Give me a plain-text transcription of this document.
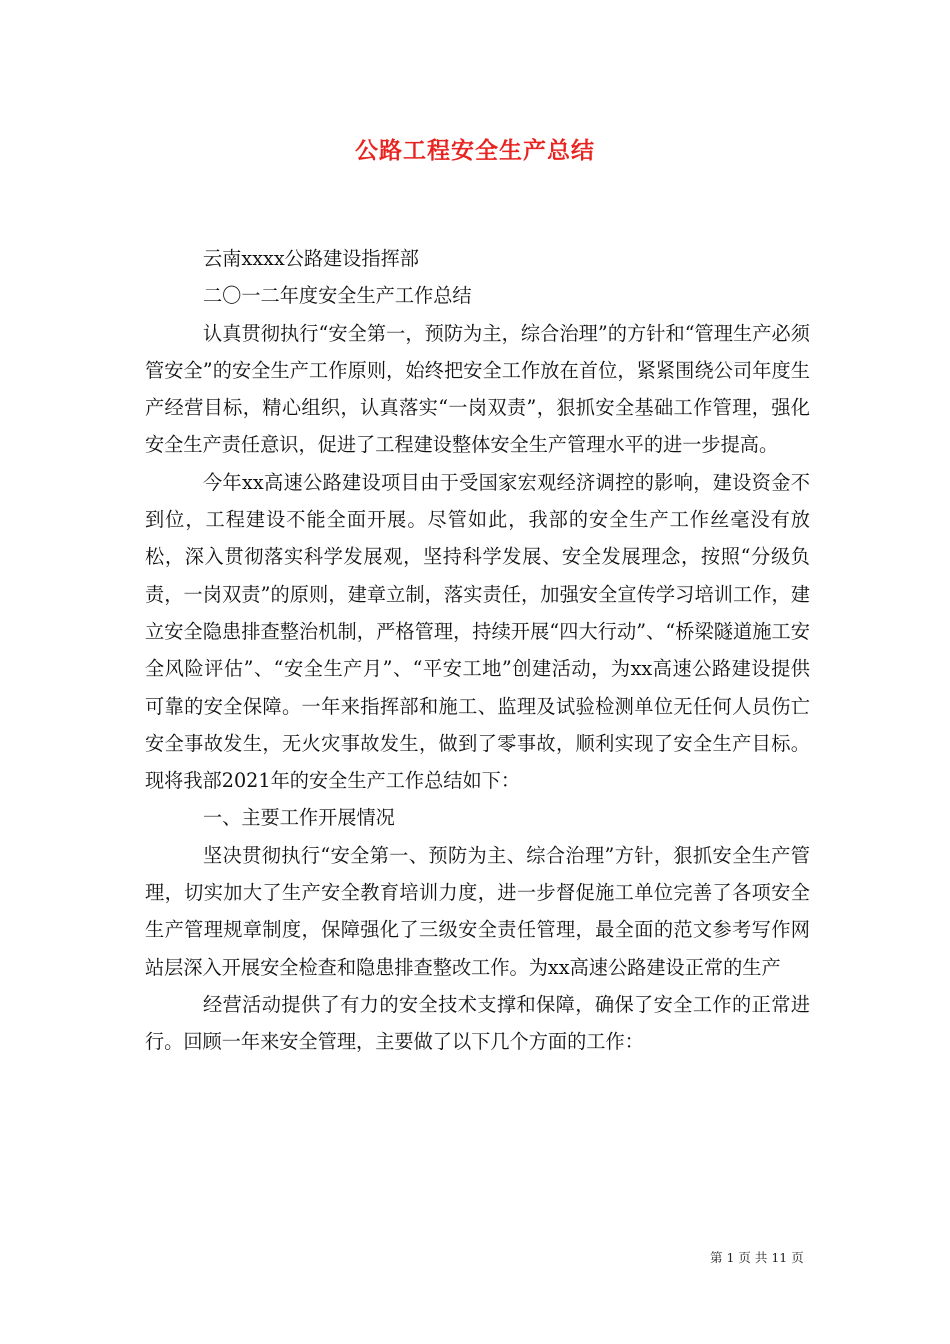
公路工程安全生产总结

云南xxxx公路建设指挥部

二〇一二年度安全生产工作总结

认真贯彻执行“安全第一，预防为主，综合治理”的方针和“管理生产必须管安全”的安全生产工作原则，始终把安全工作放在首位，紧紧围绕公司年度生产经营目标，精心组织，认真落实“一岗双责”，狠抓安全基础工作管理，强化安全生产责任意识，促进了工程建设整体安全生产管理水平的进一步提高。

今年xx高速公路建设项目由于受国家宏观经济调控的影响，建设资金不到位，工程建设不能全面开展。尽管如此，我部的安全生产工作丝毫没有放松，深入贯彻落实科学发展观，坚持科学发展、安全发展理念，按照“分级负责，一岗双责”的原则，建章立制，落实责任，加强安全宣传学习培训工作，建立安全隐患排查整治机制，严格管理，持续开展“四大行动”、“桥梁隧道施工安全风险评估”、“安全生产月”、“平安工地”创建活动，为xx高速公路建设提供可靠的安全保障。一年来指挥部和施工、监理及试验检测单位无任何人员伤亡安全事故发生，无火灾事故发生，做到了零事故，顺利实现了安全生产目标。现将我部2021年的安全生产工作总结如下：

一、主要工作开展情况

坚决贯彻执行“安全第一、预防为主、综合治理”方针，狠抓安全生产管理，切实加大了生产安全教育培训力度，进一步督促施工单位完善了各项安全生产管理规章制度，保障强化了三级安全责任管理，最全面的范文参考写作网站层深入开展安全检查和隐患排查整改工作。为xx高速公路建设正常的生产

经营活动提供了有力的安全技术支撑和保障，确保了安全工作的正常进行。回顾一年来安全管理，主要做了以下几个方面的工作：

第 1 页 共 11 页
